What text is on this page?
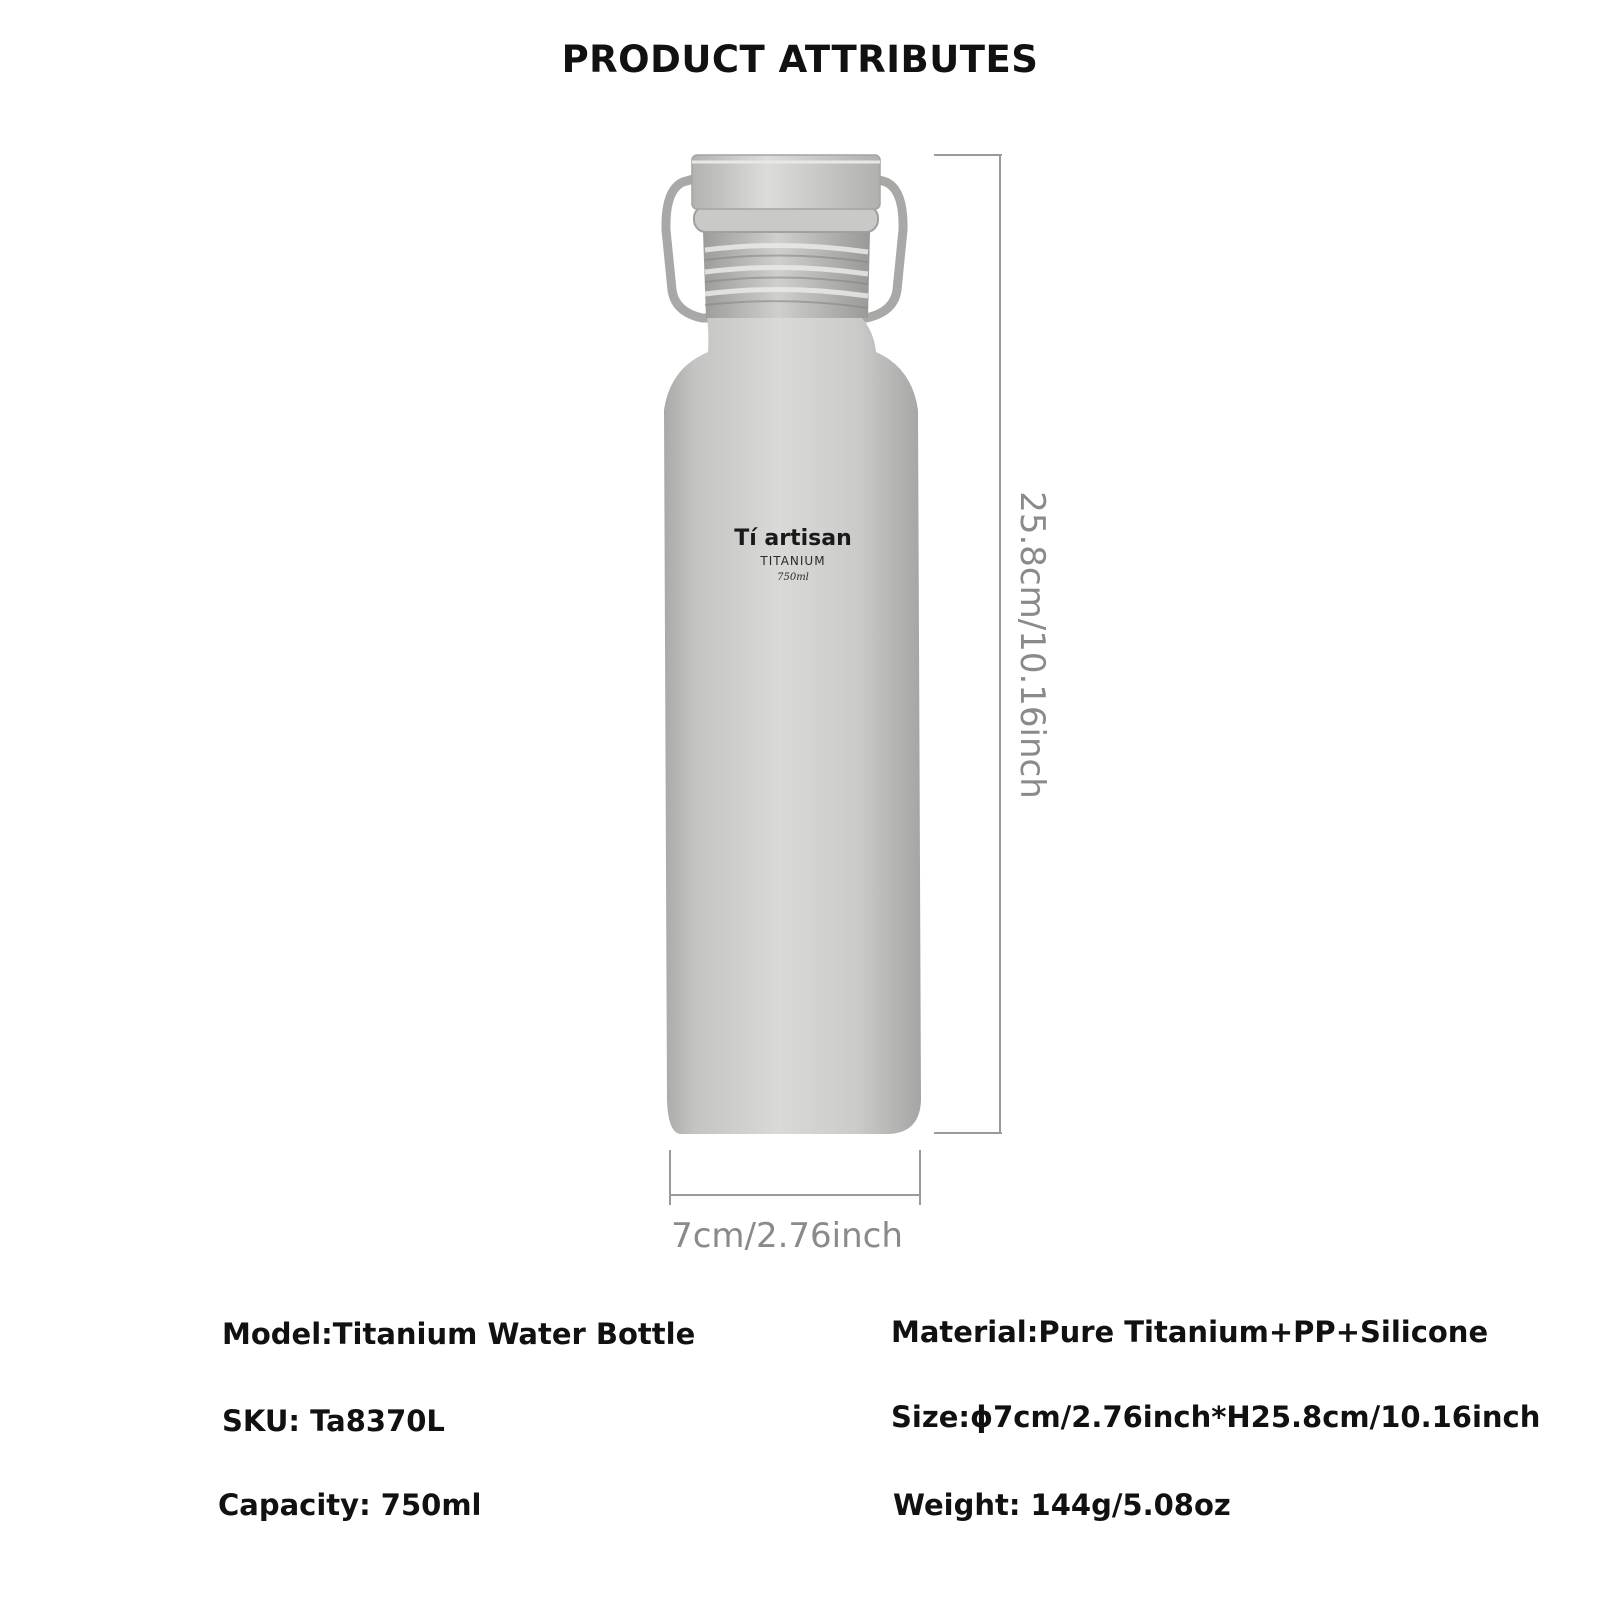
PRODUCT ATTRIBUTES
Tí artisan
TITANIUM
750ml
7cm/2.76inch
25.8cm/10.16inch
Model:Titanium Water Bottle
SKU: Ta8370L
Capacity: 750ml
Material:Pure Titanium+PP+Silicone
Size:ϕ7cm/2.76inch*H25.8cm/10.16inch
Weight: 144g/5.08oz
